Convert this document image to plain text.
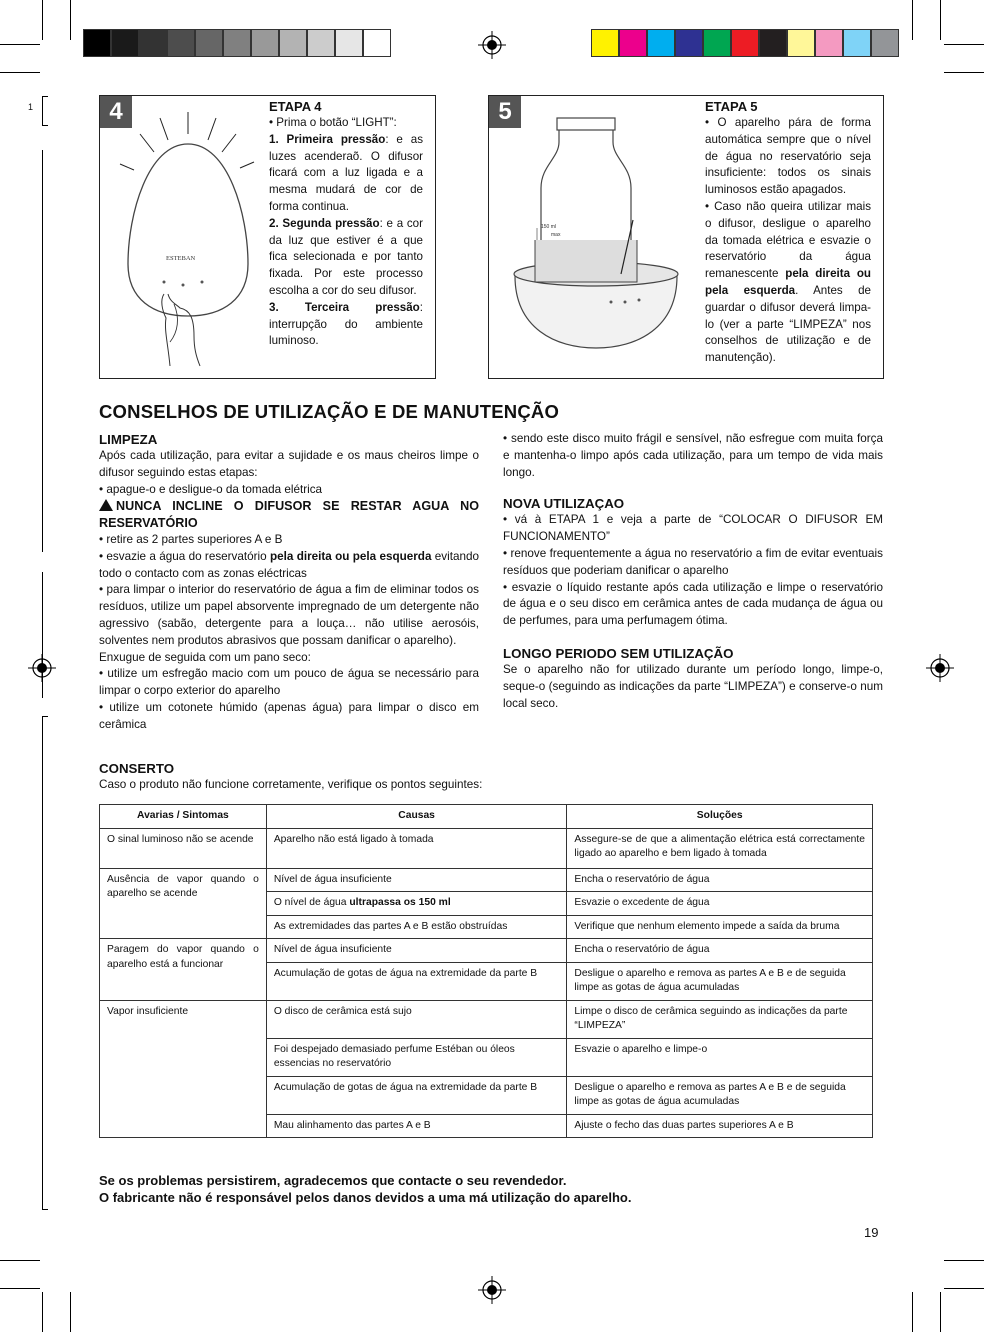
1	4
ESTEBAN
ETAPA 4

• Prima o botão “LIGHT”:

1. Primeira pressão: e as luzes acenderaõ. O difusor ficará com a luz ligada e a mesma mudará de cor de forma continua.

2. Segunda pressão: e a cor da luz que estiver é a que fica selecionada e por tanto fixada. Por este processo escolha a cor do seu difusor.

3. Terceira pressão: interrupção do ambiente luminoso.

5
150 ml
max
ETAPA 5

• O aparelho pára de forma automática sempre que o nível de água no reservatório seja insuficiente: todos os sinais luminosos estão apagados.

• Caso não queira utilizar mais o difusor, desligue o aparelho da tomada elétrica e esvazie o reservatório da água remanescente pela direita ou pela esquerda. Antes de guardar o difusor deverá limpa-lo (ver a parte “LIMPEZA” nos conselhos de utilização e de manutenção).

CONSELHOS DE UTILIZAÇÃO E DE MANUTENÇÃO
LIMPEZA

Após cada utilização, para evitar a sujidade e os maus cheiros limpe o difusor seguindo estas etapas:

• apague-o e desligue-o da tomada elétrica

NUNCA INCLINE O DIFUSOR SE RESTAR AGUA NO RESERVATÓRIO

• retire as 2 partes superiores A e B

• esvazie a água do reservatório pela direita ou pela esquerda evitando todo o contacto com as zonas eléctricas

• para limpar o interior do reservatório de água a fim de eliminar todos os resíduos, utilize um papel absorvente impregnado de um detergente não agressivo (sabão, detergente para a louça… não utilise aerosóis, solventes nem produtos abrasivos que possam danificar o aparelho).

Enxugue de seguida com um pano seco:

• utilize um esfregão macio com um pouco de água se necessário para limpar o corpo exterior do aparelho

• utilize um cotonete húmido (apenas água) para limpar o disco em cerâmica

• sendo este disco muito frágil e sensível, não esfregue com muita força e mantenha-o limpo após cada utilização, para um tempo de vida mais longo.

NOVA UTILIZAÇAO

• vá à ETAPA 1 e veja a parte de “COLOCAR O DIFUSOR EM FUNCIONAMENTO”

• renove frequentemente a água no reservatório a fim de evitar eventuais resíduos que poderiam danificar o aparelho

• esvazie o líquido restante após cada utilização e limpe o reservatório de água e o seu disco em cerâmica antes de cada mudança de água ou de perfumes, para uma perfumagem ótima.

LONGO PERIODO SEM UTILIZAÇÃO

Se o aparelho não for utilizado durante um período longo, limpe-o, seque-o (seguindo as indicações da parte “LIMPEZA”) e conserve-o num local seco.

CONSERTO

Caso o produto não funcione corretamente, verifique os pontos seguintes:

Avarias / Sintomas	Causas	Soluções
O sinal luminoso não se acende	Aparelho não está ligado à tomada	Assegure-se de que a alimentação elétrica está correctamente ligado ao aparelho e bem ligado à tomada
Ausência de vapor quando o aparelho se acende	Nível de água insuficiente	Encha o reservatório de água
	O nível de água ultrapassa os 150 ml	Esvazie o excedente de água
	As extremidades das partes A e B estão obstruídas	Verifique que nenhum elemento impede a saída da bruma
Paragem do vapor quando o aparelho está a funcionar	Nível de água insuficiente	Encha o reservatório de água
	Acumulação de gotas de água na extremidade da parte B	Desligue o aparelho e remova as partes A e B e de seguida limpe as gotas de água acumuladas
Vapor insuficiente	O disco de cerâmica está sujo	Limpe o disco de cerâmica seguindo as indicações da parte “LIMPEZA”
	Foi despejado demasiado perfume Estéban ou óleos essencias no reservatório	Esvazie o aparelho e limpe-o
	Acumulação de gotas de água na extremidade da parte B	Desligue o aparelho e remova as partes A e B e de seguida limpe as gotas de água acumuladas
	Mau alinhamento das partes A e B	Ajuste o fecho das duas partes superiores A e B
Se os problemas persistirem, agradecemos que contacte o seu revendedor.
O fabricante não é responsável pelos danos devidos a uma má utilização do aparelho.
19
